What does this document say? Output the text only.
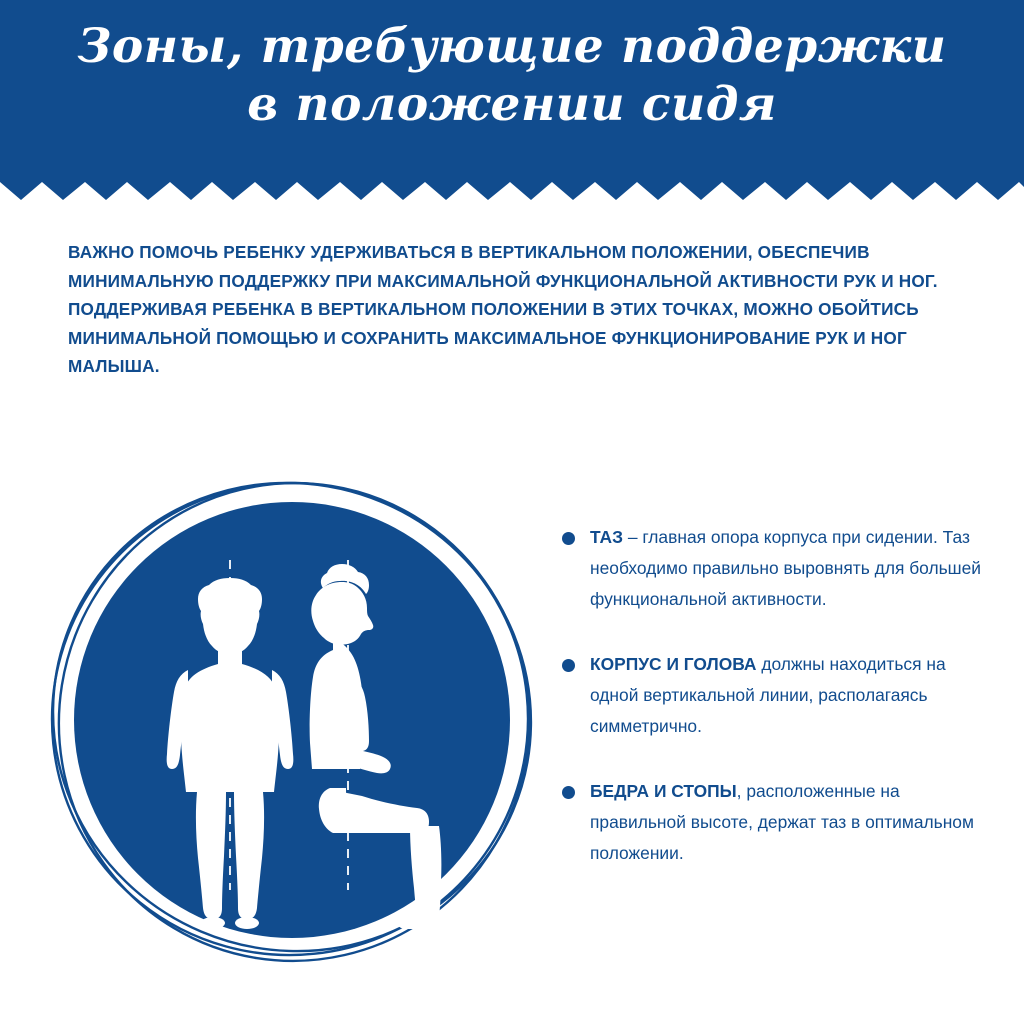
Зоны, требующие поддержки
в положении сидя

ВАЖНО ПОМОЧЬ РЕБЕНКУ УДЕРЖИВАТЬСЯ В ВЕРТИКАЛЬНОМ ПОЛОЖЕНИИ, ОБЕСПЕЧИВ МИНИМАЛЬНУЮ ПОДДЕРЖКУ ПРИ МАКСИМАЛЬНОЙ ФУНКЦИОНАЛЬНОЙ АКТИВНОСТИ РУК И НОГ.

ПОДДЕРЖИВАЯ РЕБЕНКА В ВЕРТИКАЛЬНОМ ПОЛОЖЕНИИ В ЭТИХ ТОЧКАХ, МОЖНО ОБОЙТИСЬ МИНИМАЛЬНОЙ ПОМОЩЬЮ И СОХРАНИТЬ МАКСИМАЛЬНОЕ ФУНКЦИОНИРОВАНИЕ РУК И НОГ МАЛЫША.

ТАЗ – главная опора корпуса при сидении. Таз необходимо правильно выровнять для большей функциональной активности.
КОРПУС И ГОЛОВА должны находиться на одной вертикальной линии, располагаясь симметрично.
БЕДРА И СТОПЫ, расположенные на правильной высоте, держат таз в оптимальном положении.
